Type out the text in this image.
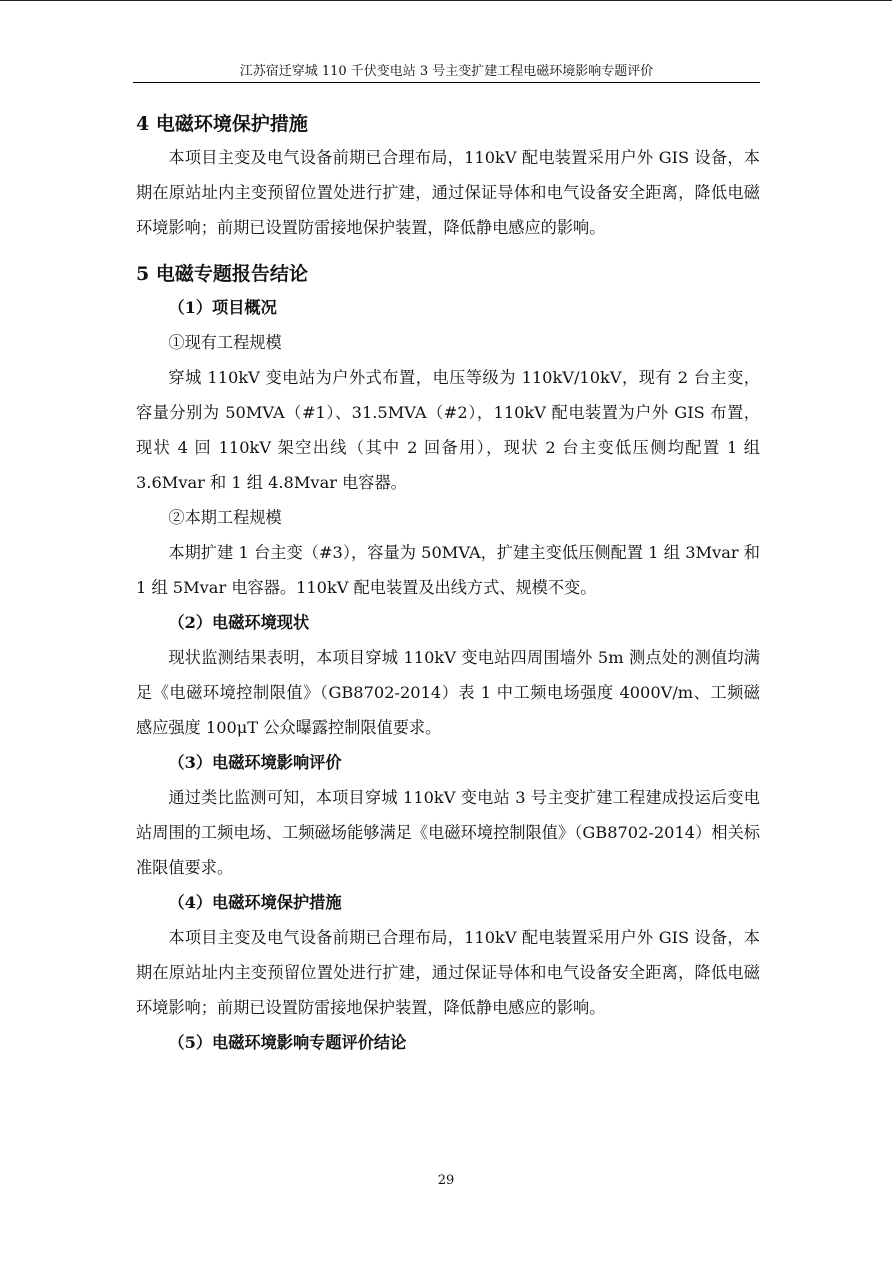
江苏宿迁穿城 110 千伏变电站 3 号主变扩建工程电磁环境影响专题评价
4 电磁环境保护措施

本项目主变及电气设备前期已合理布局，110kV 配电装置采用户外 GIS 设备，本期在原站址内主变预留位置处进行扩建，通过保证导体和电气设备安全距离，降低电磁环境影响；前期已设置防雷接地保护装置，降低静电感应的影响。

5 电磁专题报告结论
（1）项目概况

①现有工程规模

穿城 110kV 变电站为户外式布置，电压等级为 110kV/10kV，现有 2 台主变，容量分别为 50MVA（#1）、31.5MVA（#2），110kV 配电装置为户外 GIS 布置，现状 4 回 110kV 架空出线（其中 2 回备用），现状 2 台主变低压侧均配置 1 组 3.6Mvar 和 1 组 4.8Mvar 电容器。

②本期工程规模

本期扩建 1 台主变（#3），容量为 50MVA，扩建主变低压侧配置 1 组 3Mvar 和 1 组 5Mvar 电容器。110kV 配电装置及出线方式、规模不变。

（2）电磁环境现状

现状监测结果表明，本项目穿城 110kV 变电站四周围墙外 5m 测点处的测值均满足《电磁环境控制限值》（GB8702-2014）表 1 中工频电场强度 4000V/m、工频磁感应强度 100μT 公众曝露控制限值要求。

（3）电磁环境影响评价

通过类比监测可知，本项目穿城 110kV 变电站 3 号主变扩建工程建成投运后变电站周围的工频电场、工频磁场能够满足《电磁环境控制限值》（GB8702-2014）相关标准限值要求。

（4）电磁环境保护措施

本项目主变及电气设备前期已合理布局，110kV 配电装置采用户外 GIS 设备，本期在原站址内主变预留位置处进行扩建，通过保证导体和电气设备安全距离，降低电磁环境影响；前期已设置防雷接地保护装置，降低静电感应的影响。

（5）电磁环境影响专题评价结论
29
